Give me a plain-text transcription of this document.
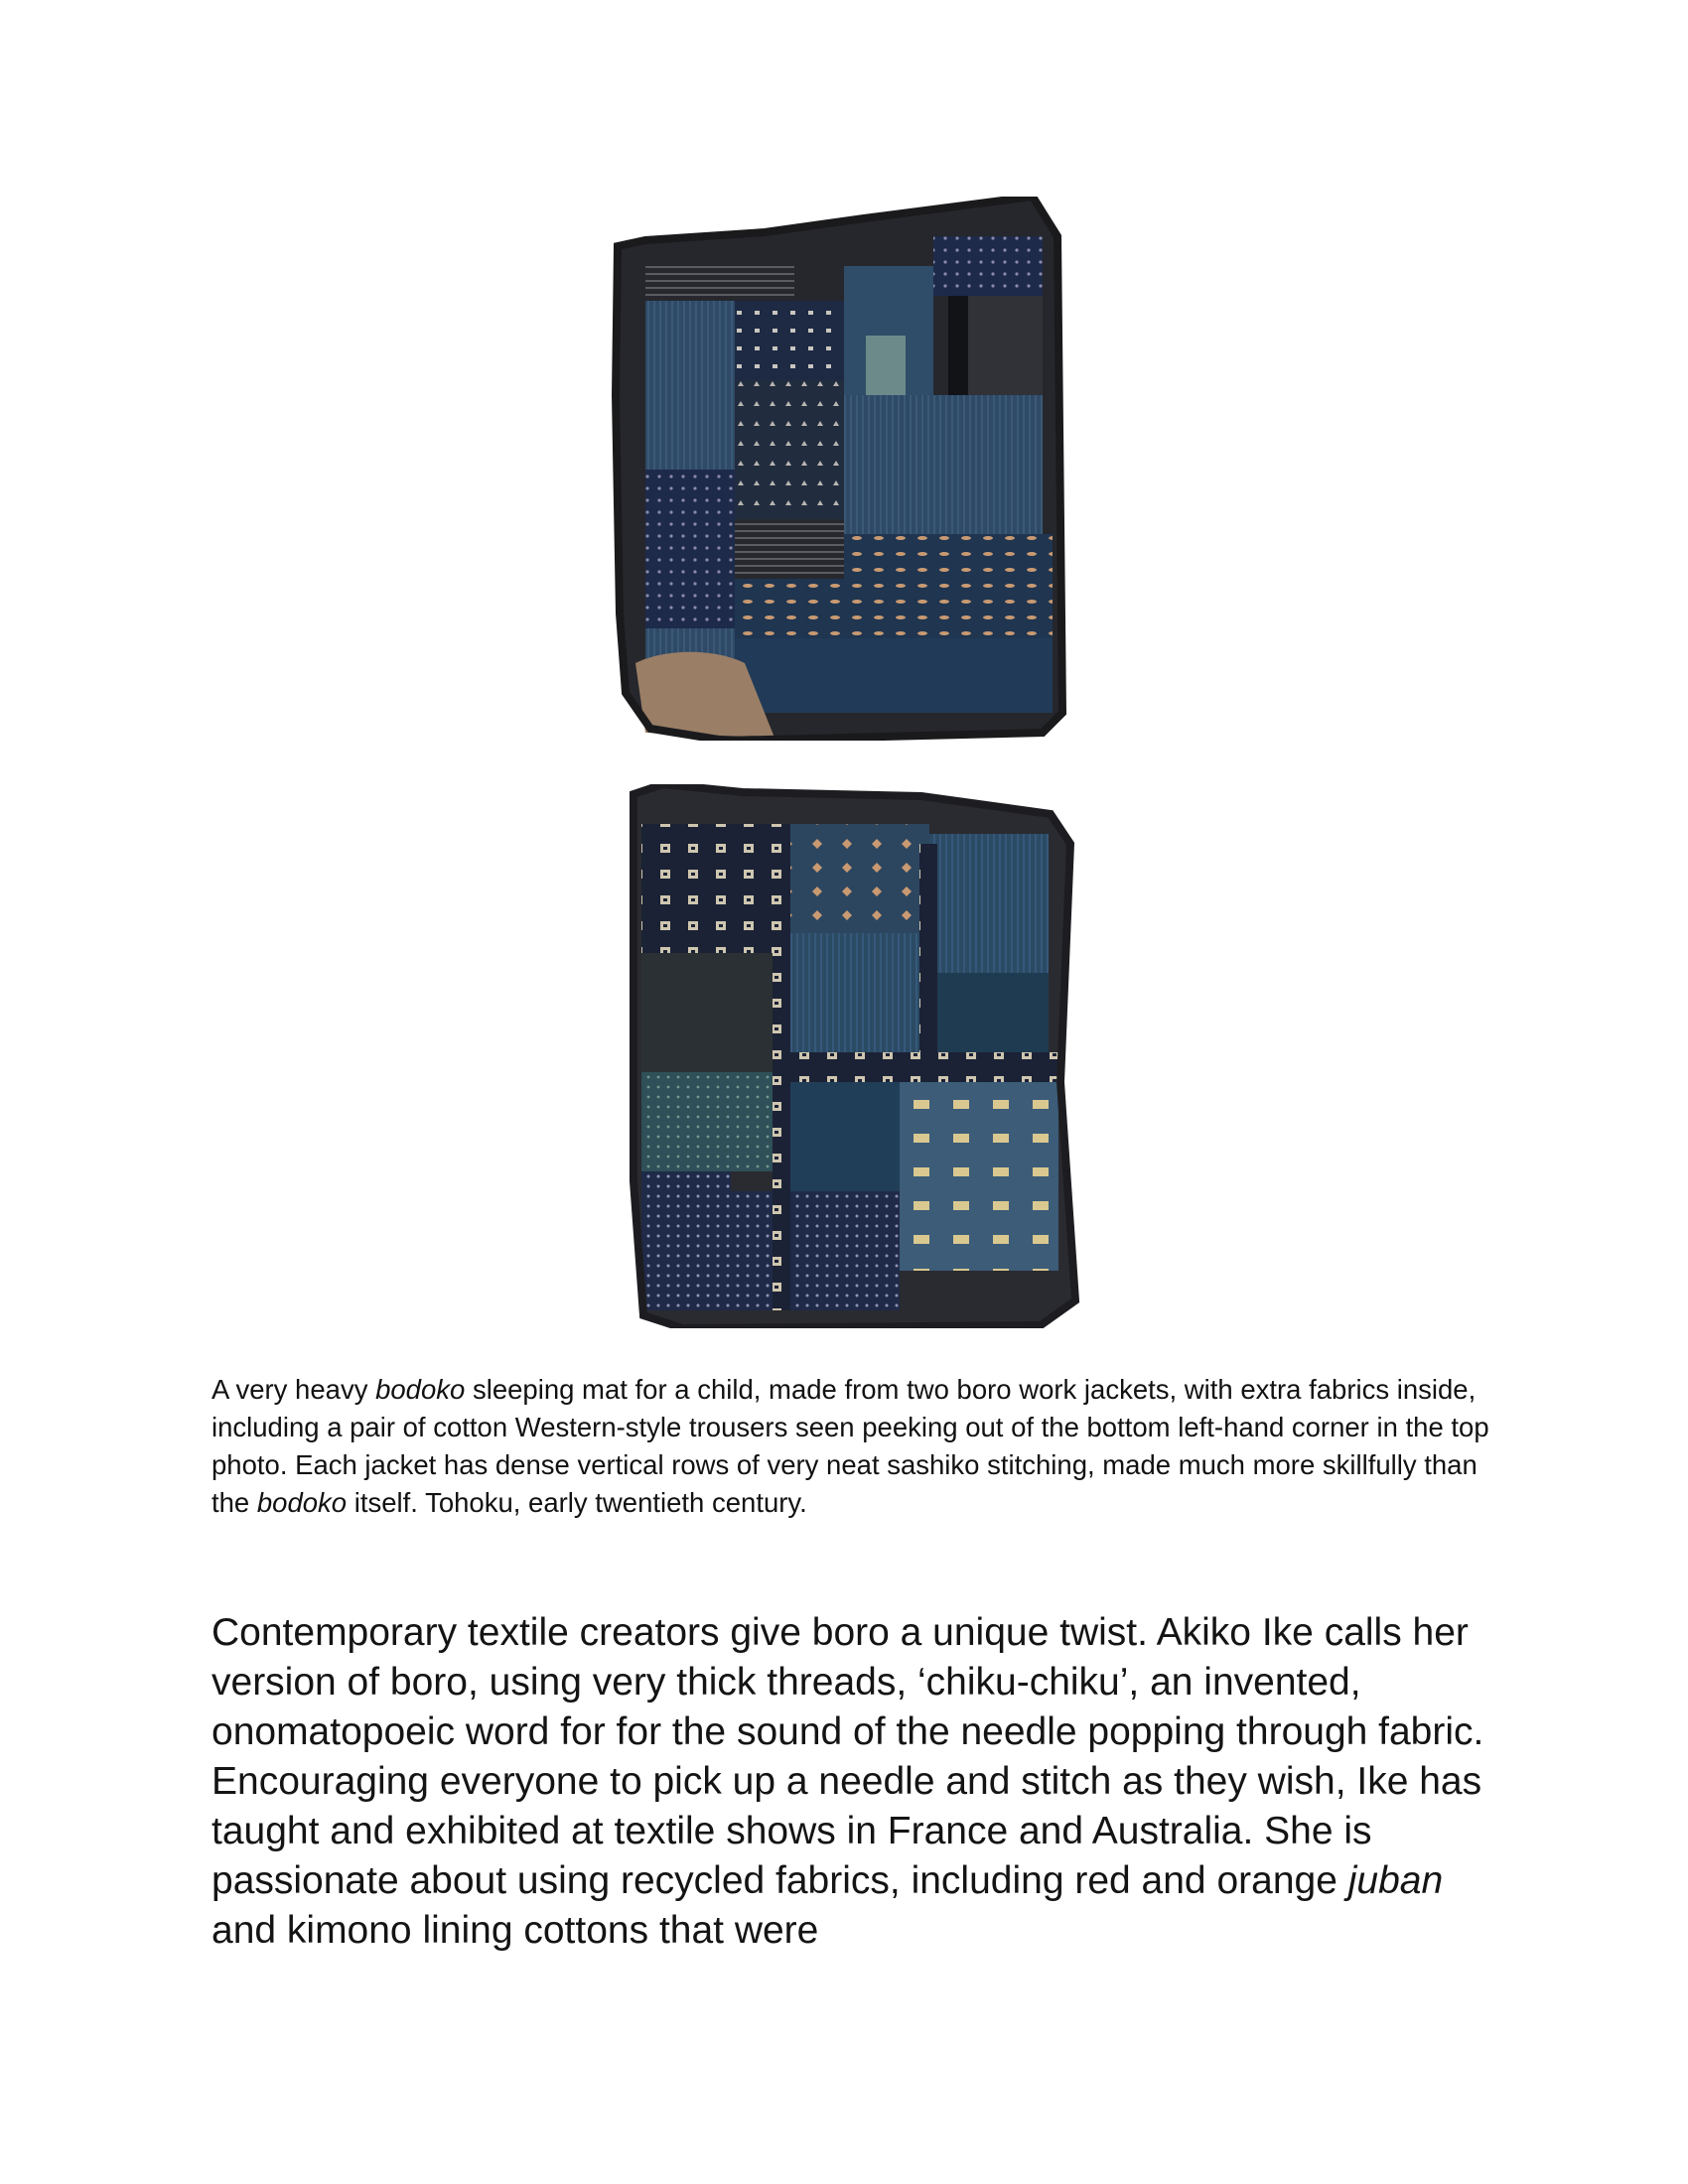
A very heavy bodoko sleeping mat for a child, made from two boro work jackets, with extra fabrics inside, including a pair of cotton Western-style trousers seen peeking out of the bottom left-hand corner in the top photo. Each jacket has dense vertical rows of very neat sashiko stitching, made much more skillfully than the bodoko itself. Tohoku, early twentieth century.

Contemporary textile creators give boro a unique twist. Akiko Ike calls her version of boro, using very thick threads, ‘chiku-chiku’, an invented, onomatopoeic word for for the sound of the needle popping through fabric. Encouraging everyone to pick up a needle and stitch as they wish, Ike has taught and exhibited at textile shows in France and Australia. She is passionate about using recycled fabrics, including red and orange juban and kimono lining cottons that were
